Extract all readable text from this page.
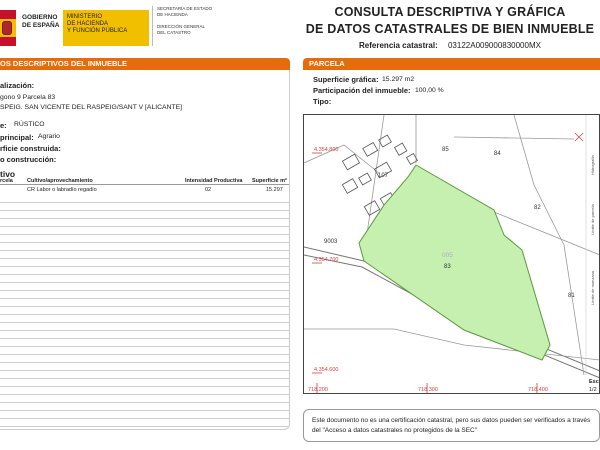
GOBIERNO
DE ESPAÑA
MINISTERIO
DE HACIENDA
Y FUNCIÓN PÚBLICA
SECRETARÍA DE ESTADO
DE HACIENDA
DIRECCIÓN GENERAL
DEL CATASTRO
CONSULTA DESCRIPTIVA Y GRÁFICA
DE DATOS CATASTRALES DE BIEN INMUEBLE
Referencia catastral: 03122A009000830000MX
OS DESCRIPTIVOS DEL INMUEBLE	PARCELA
alización:
gono 9 Parcela 83
SPEIG. SAN VICENTE DEL RASPEIG/SANT V [ALICANTE]
e: RÚSTICO
principal: Agrario
rficie construida:
o construcción:
tivo
rcela	Cultivo/aprovechamiento	Intensidad Productiva Superficie m²
CR Labor o labradío regadío	02	15.297
Superficie gráfica: 15.297 m2
Participación del inmueble: 100,00 %
Tipo:
4.354.800
4.354.700
4.354.600
718.200	718.300	718.400
85
84
82
81
83
107
9003
005
Hidrografía
Límite de parcela
Límite de manzana
Esc
1/2
Este documento no es una certificación catastral, pero sus datos pueden ser verificados a través del "Acceso a datos catastrales no protegidos de la SEC"
